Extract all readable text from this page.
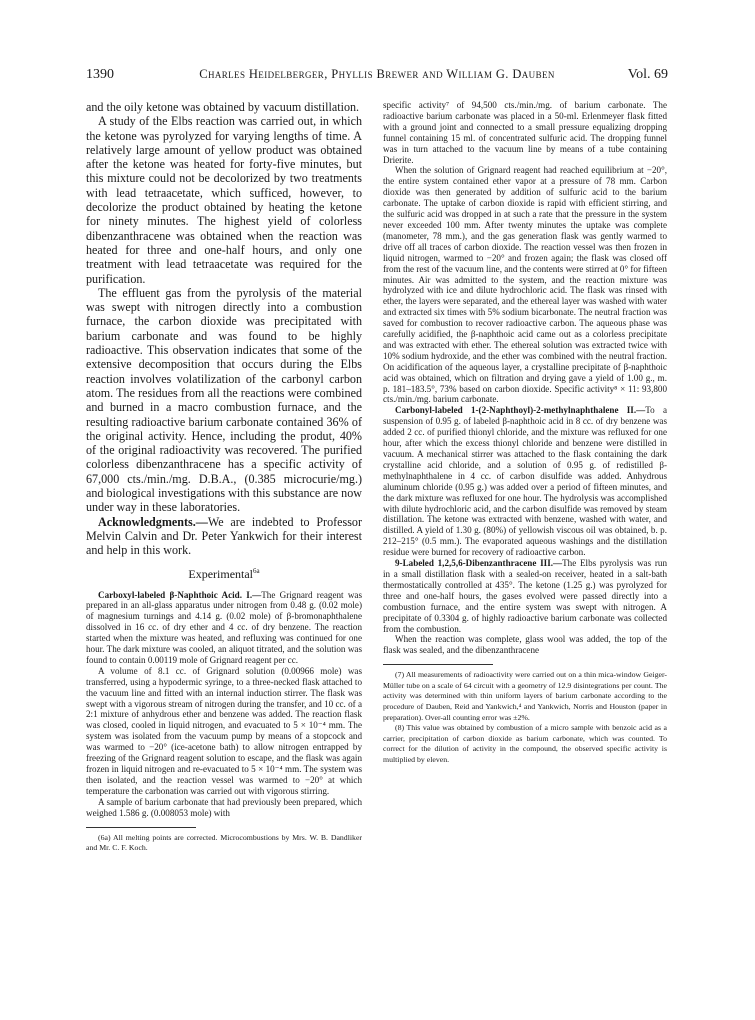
1390	Charles Heidelberger, Phyllis Brewer and William G. Dauben	Vol. 69

and the oily ketone was obtained by vacuum distillation.

A study of the Elbs reaction was carried out, in which the ketone was pyrolyzed for varying lengths of time. A relatively large amount of yellow product was obtained after the ketone was heated for forty-five minutes, but this mixture could not be decolorized by two treatments with lead tetraacetate, which sufficed, however, to decolorize the product obtained by heating the ketone for ninety minutes. The highest yield of colorless dibenzanthracene was obtained when the reaction was heated for three and one-half hours, and only one treatment with lead tetraacetate was required for the purification.

The effluent gas from the pyrolysis of the material was swept with nitrogen directly into a combustion furnace, the carbon dioxide was precipitated with barium carbonate and was found to be highly radioactive. This observation indicates that some of the extensive decomposition that occurs during the Elbs reaction involves volatilization of the carbonyl carbon atom. The residues from all the reactions were combined and burned in a macro combustion furnace, and the resulting radioactive barium carbonate contained 36% of the original activity. Hence, including the produt, 40% of the original radioactivity was recovered. The purified colorless dibenzanthracene has a specific activity of 67,000 cts./min./mg. D.B.A., (0.385 microcurie/mg.) and biological investigations with this substance are now under way in these laboratories.

Acknowledgments.—We are indebted to Professor Melvin Calvin and Dr. Peter Yankwich for their interest and help in this work.

Experimental$^{6a}$

Carboxyl-labeled β-Naphthoic Acid. I.—The Grignard reagent was prepared in an all-glass apparatus under nitrogen from 0.48 g. (0.02 mole) of magnesium turnings and 4.14 g. (0.02 mole) of β-bromonaphthalene dissolved in 16 cc. of dry ether and 4 cc. of dry benzene. The reaction started when the mixture was heated, and refluxing was continued for one hour. The dark mixture was cooled, an aliquot titrated, and the solution was found to contain 0.00119 mole of Grignard reagent per cc.

A volume of 8.1 cc. of Grignard solution (0.00966 mole) was transferred, using a hypodermic syringe, to a three-necked flask attached to the vacuum line and fitted with an internal induction stirrer. The flask was swept with a vigorous stream of nitrogen during the transfer, and 10 cc. of a 2:1 mixture of anhydrous ether and benzene was added. The reaction flask was closed, cooled in liquid nitrogen, and evacuated to 5 × 10⁻⁴ mm. The system was isolated from the vacuum pump by means of a stopcock and was warmed to −20° (ice-acetone bath) to allow nitrogen entrapped by freezing of the Grignard reagent solution to escape, and the flask was again frozen in liquid nitrogen and re-evacuated to 5 × 10⁻⁴ mm. The system was then isolated, and the reaction vessel was warmed to −20° at which temperature the carbonation was carried out with vigorous stirring.

A sample of barium carbonate that had previously been prepared, which weighed 1.586 g. (0.008053 mole) with

(6a) All melting points are corrected. Microcombustions by Mrs. W. B. Dandliker and Mr. C. F. Koch.

specific activity⁷ of 94,500 cts./min./mg. of barium carbonate. The radioactive barium carbonate was placed in a 50-ml. Erlenmeyer flask fitted with a ground joint and connected to a small pressure equalizing dropping funnel containing 15 ml. of concentrated sulfuric acid. The dropping funnel was in turn attached to the vacuum line by means of a tube containing Drierite.

When the solution of Grignard reagent had reached equilibrium at −20°, the entire system contained ether vapor at a pressure of 78 mm. Carbon dioxide was then generated by addition of sulfuric acid to the barium carbonate. The uptake of carbon dioxide is rapid with efficient stirring, and the sulfuric acid was dropped in at such a rate that the pressure in the system never exceeded 100 mm. After twenty minutes the uptake was complete (manometer, 78 mm.), and the gas generation flask was gently warmed to drive off all traces of carbon dioxide. The reaction vessel was then frozen in liquid nitrogen, warmed to −20° and frozen again; the flask was closed off from the rest of the vacuum line, and the contents were stirred at 0° for fifteen minutes. Air was admitted to the system, and the reaction mixture was hydrolyzed with ice and dilute hydrochloric acid. The flask was rinsed with ether, the layers were separated, and the ethereal layer was washed with water and extracted six times with 5% sodium bicarbonate. The neutral fraction was saved for combustion to recover radioactive carbon. The aqueous phase was carefully acidified, the β-naphthoic acid came out as a colorless precipitate and was extracted with ether. The ethereal solution was extracted twice with 10% sodium hydroxide, and the ether was combined with the neutral fraction. On acidification of the aqueous layer, a crystalline precipitate of β-naphthoic acid was obtained, which on filtration and drying gave a yield of 1.00 g., m. p. 181–183.5°, 73% based on carbon dioxide. Specific activity⁸ × 11: 93,800 cts./min./mg. barium carbonate.

Carbonyl-labeled 1-(2-Naphthoyl)-2-methylnaphthalene II.—To a suspension of 0.95 g. of labeled β-naphthoic acid in 8 cc. of dry benzene was added 2 cc. of purified thionyl chloride, and the mixture was refluxed for one hour, after which the excess thionyl chloride and benzene were distilled in vacuum. A mechanical stirrer was attached to the flask containing the dark crystalline acid chloride, and a solution of 0.95 g. of redistilled β-methylnaphthalene in 4 cc. of carbon disulfide was added. Anhydrous aluminum chloride (0.95 g.) was added over a period of fifteen minutes, and the dark mixture was refluxed for one hour. The hydrolysis was accomplished with dilute hydrochloric acid, and the carbon disulfide was removed by steam distillation. The ketone was extracted with benzene, washed with water, and distilled. A yield of 1.30 g. (80%) of yellowish viscous oil was obtained, b. p. 212–215° (0.5 mm.). The evaporated aqueous washings and the distillation residue were burned for recovery of radioactive carbon.

9-Labeled 1,2,5,6-Dibenzanthracene III.—The Elbs pyrolysis was run in a small distillation flask with a sealed-on receiver, heated in a salt-bath thermostatically controlled at 435°. The ketone (1.25 g.) was pyrolyzed for three and one-half hours, the gases evolved were passed directly into a combustion furnace, and the entire system was swept with nitrogen. A precipitate of 0.3304 g. of highly radioactive barium carbonate was collected from the combustion.

When the reaction was complete, glass wool was added, the top of the flask was sealed, and the dibenzanthracene

(7) All measurements of radioactivity were carried out on a thin mica-window Geiger-Müller tube on a scale of 64 circuit with a geometry of 12.9 disintegrations per count. The activity was determined with thin uniform layers of barium carbonate according to the procedure of Dauben, Reid and Yankwich,⁴ and Yankwich, Norris and Houston (paper in preparation). Over-all counting error was ±2%.

(8) This value was obtained by combustion of a micro sample with benzoic acid as a carrier, precipitation of carbon dioxide as barium carbonate, which was counted. To correct for the dilution of activity in the compound, the observed specific activity is multiplied by eleven.
